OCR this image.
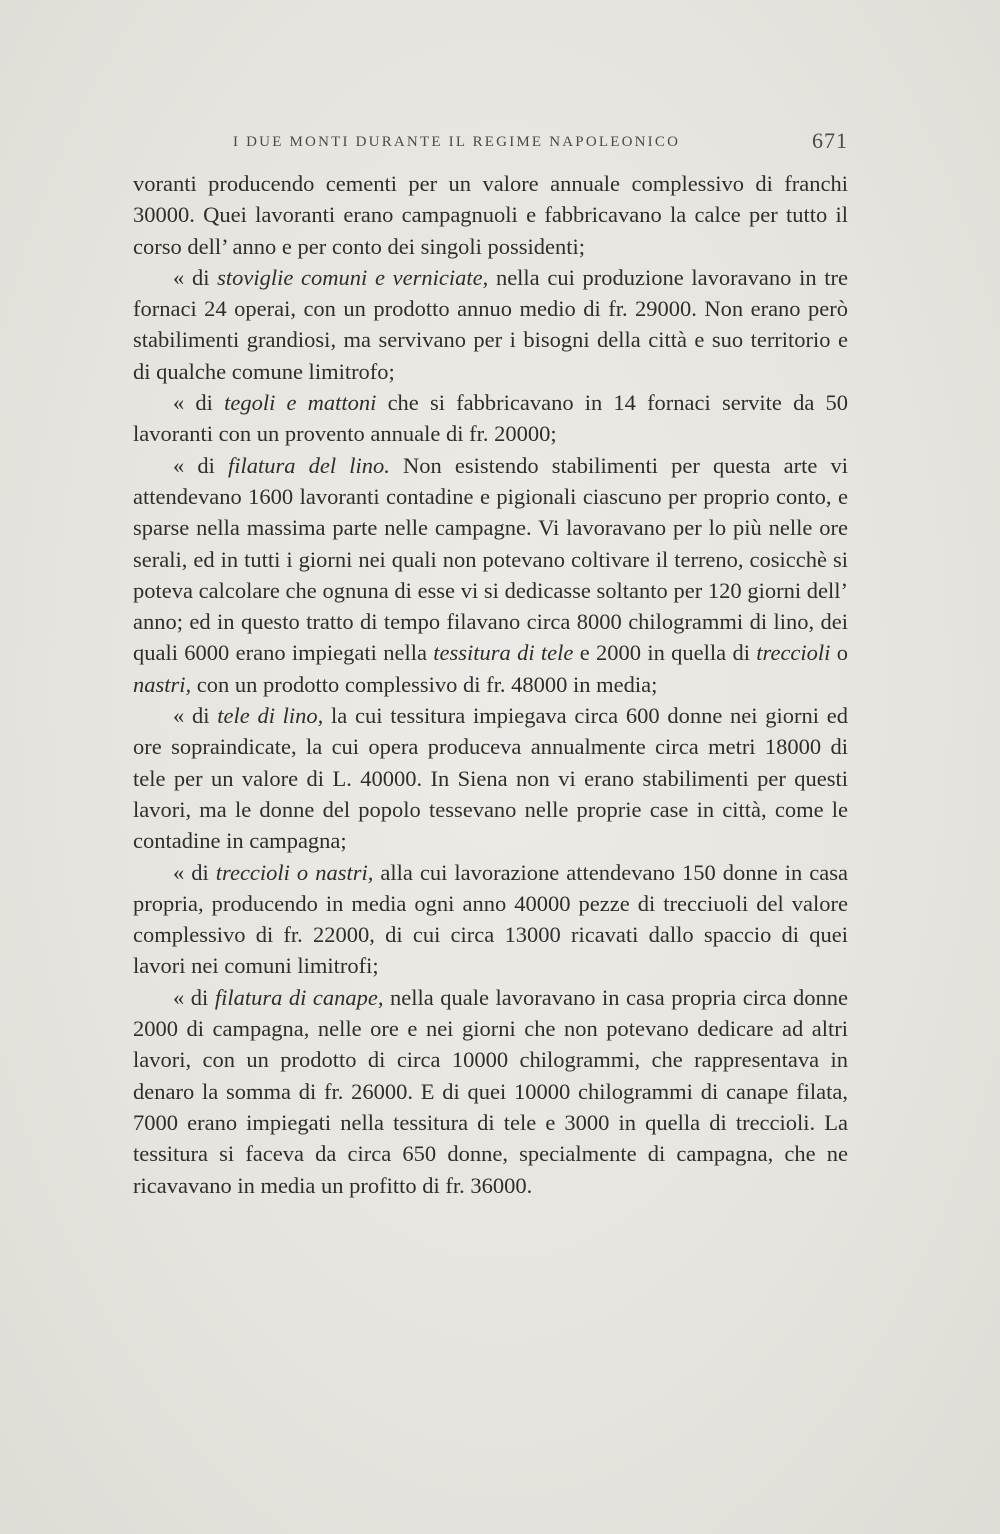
I DUE MONTI DURANTE IL REGIME NAPOLEONICO	671

voranti producendo cementi per un valore annuale complessivo di franchi 30000. Quei lavoranti erano campagnuoli e fabbricavano la calce per tutto il corso dell’ anno e per conto dei singoli possidenti;

« di stoviglie comuni e verniciate, nella cui produzione lavoravano in tre fornaci 24 operai, con un prodotto annuo medio di fr. 29000. Non erano però stabilimenti grandiosi, ma servivano per i bisogni della città e suo territorio e di qualche comune limitrofo;

« di tegoli e mattoni che si fabbricavano in 14 fornaci servite da 50 lavoranti con un provento annuale di fr. 20000;

« di filatura del lino. Non esistendo stabilimenti per questa arte vi attendevano 1600 lavoranti contadine e pigionali ciascuno per proprio conto, e sparse nella massima parte nelle campagne. Vi lavoravano per lo più nelle ore serali, ed in tutti i giorni nei quali non potevano coltivare il terreno, cosicchè si poteva calcolare che ognuna di esse vi si dedicasse soltanto per 120 giorni dell’ anno; ed in questo tratto di tempo filavano circa 8000 chilogrammi di lino, dei quali 6000 erano impiegati nella tessitura di tele e 2000 in quella di treccioli o nastri, con un prodotto complessivo di fr. 48000 in media;

« di tele di lino, la cui tessitura impiegava circa 600 donne nei giorni ed ore sopraindicate, la cui opera produceva annualmente circa metri 18000 di tele per un valore di L. 40000. In Siena non vi erano stabilimenti per questi lavori, ma le donne del popolo tessevano nelle proprie case in città, come le contadine in campagna;

« di treccioli o nastri, alla cui lavorazione attendevano 150 donne in casa propria, producendo in media ogni anno 40000 pezze di trecciuoli del valore complessivo di fr. 22000, di cui circa 13000 ricavati dallo spaccio di quei lavori nei comuni limitrofi;

« di filatura di canape, nella quale lavoravano in casa propria circa donne 2000 di campagna, nelle ore e nei giorni che non potevano dedicare ad altri lavori, con un prodotto di circa 10000 chilogrammi, che rappresentava in denaro la somma di fr. 26000. E di quei 10000 chilogrammi di canape filata, 7000 erano impiegati nella tessitura di tele e 3000 in quella di treccioli. La tessitura si faceva da circa 650 donne, specialmente di campagna, che ne ricavavano in media un profitto di fr. 36000.
